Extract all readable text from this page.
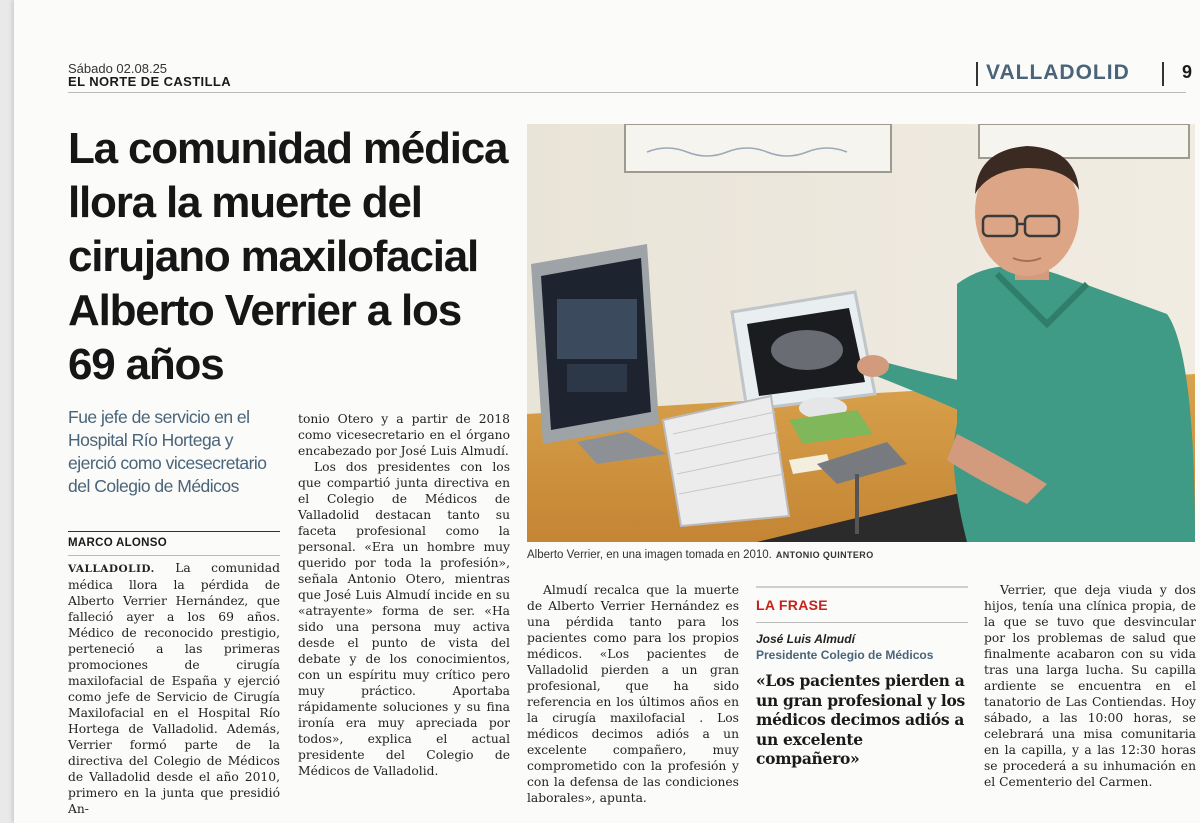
Sábado 02.08.25
EL NORTE DE CASTILLA	VALLADOLID	9
La comunidad médica llora la muerte del cirujano maxilofacial Alberto Verrier a los 69 años
Fue jefe de servicio en el Hospital Río Hortega y ejerció como vicesecretario del Colegio de Médicos
MARCO ALONSO

VALLADOLID. La comunidad médica llora la pérdida de Alberto Verrier Hernández, que falleció ayer a los 69 años. Médico de reconocido prestigio, perteneció a las primeras promociones de cirugía maxilofacial de España y ejerció como jefe de Servicio de Cirugía Maxilofacial en el Hospital Río Hortega de Valladolid. Además, Verrier formó parte de la directiva del Colegio de Médicos de Valladolid desde el año 2010, primero en la junta que presidió An-

tonio Otero y a partir de 2018 como vicesecretario en el órgano encabezado por José Luis Almudí.

Los dos presidentes con los que compartió junta directiva en el Colegio de Médicos de Valladolid destacan tanto su faceta profesional como la personal. «Era un hombre muy querido por toda la profesión», señala Antonio Otero, mientras que José Luis Almudí incide en su «atrayente» forma de ser. «Ha sido una persona muy activa desde el punto de vista del debate y de los conocimientos, con un espíritu muy crítico pero muy práctico. Aportaba rápidamente soluciones y su fina ironía era muy apreciada por todos», explica el actual presidente del Colegio de Médicos de Valladolid.

Alberto Verrier, en una imagen tomada en 2010. ANTONIO QUINTERO

Almudí recalca que la muerte de Alberto Verrier Hernández es una pérdida tanto para los pacientes como para los propios médicos. «Los pacientes de Valladolid pierden a un gran profesional, que ha sido referencia en los últimos años en la cirugía maxilofacial . Los médicos decimos adiós a un excelente compañero, muy comprometido con la profesión y con la defensa de las condiciones laborales», apunta.

LA FRASE
José Luis Almudí
Presidente Colegio de Médicos
«Los pacientes pierden a un gran profesional y los médicos decimos adiós a un excelente compañero»

Verrier, que deja viuda y dos hijos, tenía una clínica propia, de la que se tuvo que desvincular por los problemas de salud que finalmente acabaron con su vida tras una larga lucha. Su capilla ardiente se encuentra en el tanatorio de Las Contiendas. Hoy sábado, a las 10:00 horas, se celebrará una misa comunitaria en la capilla, y a las 12:30 horas se procederá a su inhumación en el Cementerio del Carmen.
